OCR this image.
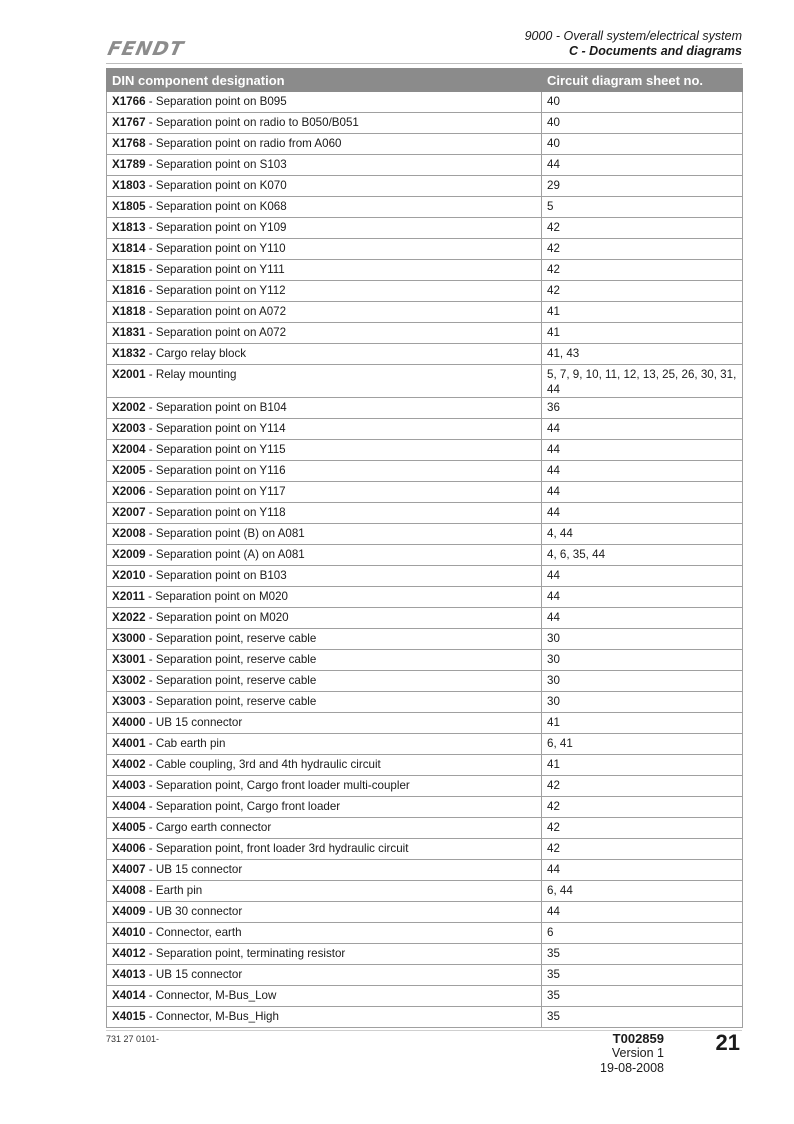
FENDT
9000 - Overall system/electrical system
C - Documents and diagrams
DIN component designation	Circuit diagram sheet no.
X1766 - Separation point on B095	40
X1767 - Separation point on radio to B050/B051	40
X1768 - Separation point on radio from A060	40
X1789 - Separation point on S103	44
X1803 - Separation point on K070	29
X1805 - Separation point on K068	5
X1813 - Separation point on Y109	42
X1814 - Separation point on Y110	42
X1815 - Separation point on Y111	42
X1816 - Separation point on Y112	42
X1818 - Separation point on A072	41
X1831 - Separation point on A072	41
X1832 - Cargo relay block	41, 43
X2001 - Relay mounting	5, 7, 9, 10, 11, 12, 13, 25, 26, 30, 31, 44
X2002 - Separation point on B104	36
X2003 - Separation point on Y114	44
X2004 - Separation point on Y115	44
X2005 - Separation point on Y116	44
X2006 - Separation point on Y117	44
X2007 - Separation point on Y118	44
X2008 - Separation point (B) on A081	4, 44
X2009 - Separation point (A) on A081	4, 6, 35, 44
X2010 - Separation point on B103	44
X2011 - Separation point on M020	44
X2022 - Separation point on M020	44
X3000 - Separation point, reserve cable	30
X3001 - Separation point, reserve cable	30
X3002 - Separation point, reserve cable	30
X3003 - Separation point, reserve cable	30
X4000 - UB 15 connector	41
X4001 - Cab earth pin	6, 41
X4002 - Cable coupling, 3rd and 4th hydraulic circuit	41
X4003 - Separation point, Cargo front loader multi-coupler	42
X4004 - Separation point, Cargo front loader	42
X4005 - Cargo earth connector	42
X4006 - Separation point, front loader 3rd hydraulic circuit	42
X4007 - UB 15 connector	44
X4008 - Earth pin	6, 44
X4009 - UB 30 connector	44
X4010 - Connector, earth	6
X4012 - Separation point, terminating resistor	35
X4013 - UB 15 connector	35
X4014 - Connector, M-Bus_Low	35
X4015 - Connector, M-Bus_High	35
731 27 0101-	T002859
Version 1
19-08-2008
21
